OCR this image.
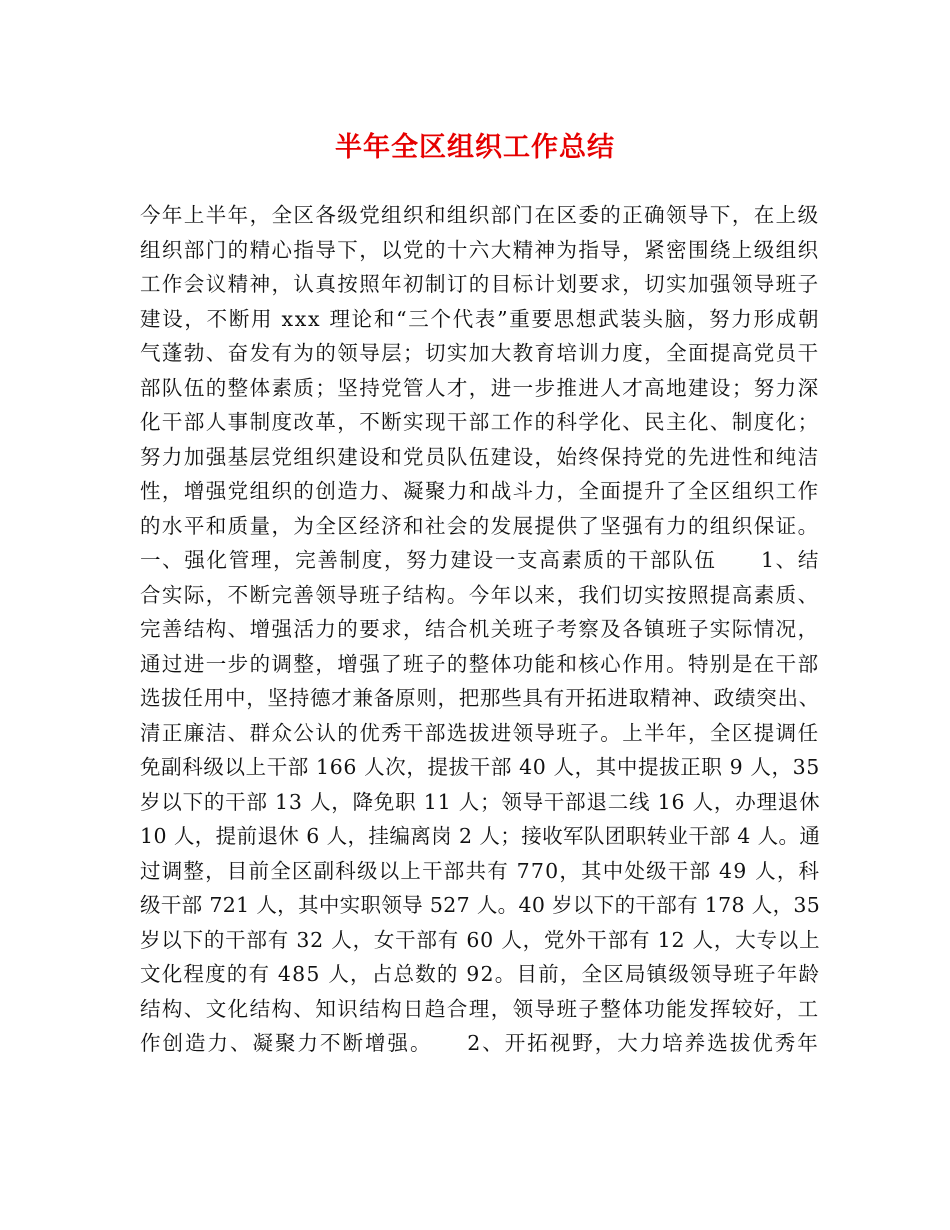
半年全区组织工作总结
今年上半年，全区各级党组织和组织部门在区委的正确领导下，在上级
组织部门的精心指导下，以党的十六大精神为指导，紧密围绕上级组织
工作会议精神，认真按照年初制订的目标计划要求，切实加强领导班子
建设，不断用 xxx 理论和“三个代表”重要思想武装头脑，努力形成朝
气蓬勃、奋发有为的领导层；切实加大教育培训力度，全面提高党员干
部队伍的整体素质；坚持党管人才，进一步推进人才高地建设；努力深
化干部人事制度改革，不断实现干部工作的科学化、民主化、制度化；
努力加强基层党组织建设和党员队伍建设，始终保持党的先进性和纯洁
性，增强党组织的创造力、凝聚力和战斗力，全面提升了全区组织工作
的水平和质量，为全区经济和社会的发展提供了坚强有力的组织保证。
一、强化管理，完善制度，努力建设一支高素质的干部队伍　　1、结
合实际，不断完善领导班子结构。今年以来，我们切实按照提高素质、
完善结构、增强活力的要求，结合机关班子考察及各镇班子实际情况，
通过进一步的调整，增强了班子的整体功能和核心作用。特别是在干部
选拔任用中，坚持德才兼备原则，把那些具有开拓进取精神、政绩突出、
清正廉洁、群众公认的优秀干部选拔进领导班子。上半年，全区提调任
免副科级以上干部 166 人次，提拔干部 40 人，其中提拔正职 9 人，35
岁以下的干部 13 人，降免职 11 人；领导干部退二线 16 人，办理退休
10 人，提前退休 6 人，挂编离岗 2 人；接收军队团职转业干部 4 人。通
过调整，目前全区副科级以上干部共有 770，其中处级干部 49 人，科
级干部 721 人，其中实职领导 527 人。40 岁以下的干部有 178 人，35
岁以下的干部有 32 人，女干部有 60 人，党外干部有 12 人，大专以上
文化程度的有 485 人，占总数的 92。目前，全区局镇级领导班子年龄
结构、文化结构、知识结构日趋合理，领导班子整体功能发挥较好，工
作创造力、凝聚力不断增强。　　2、开拓视野，大力培养选拔优秀年
